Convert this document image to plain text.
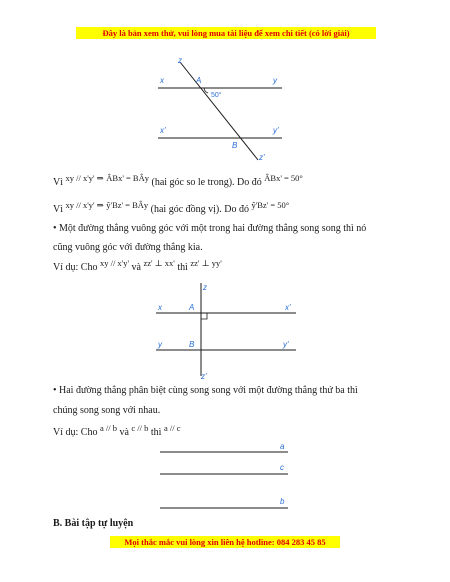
Đây là bản xem thử, vui lòng mua tài liệu để xem chi tiết (có lời giải)
z
x	A	y
50°
x'	y'
B
z'
Vì $^{xy // x'y' \Rightarrow}$ $^{ÂBx' = BÂy}$ (hai góc so le trong). Do đó $^{ÂBx' = 50^\circ}$
Vì $^{xy // x'y' \Rightarrow}$ $^{ŷ'Bz' = BÂy}$ (hai góc đồng vị). Do đó $^{ŷ'Bz' = 50^\circ}$
• Một đường thẳng vuông góc với một trong hai đường thẳng song song thì nó
cũng vuông góc với đường thẳng kia.
Ví dụ: Cho $^{xy // x'y'}$ và $^{zz' \perp xx'}$ thì $^{zz' \perp yy'}$
z
x	A	x'
y	B	y'
z'
• Hai đường thẳng phân biệt cùng song song với một đường thẳng thứ ba thì
chúng song song với nhau.
Ví dụ: Cho $^{a // b}$ và $^{c // b}$ thì $^{a // c}$
a
c
b
B. Bài tập tự luyện
Mọi thắc mắc vui lòng xin liên hệ hotline: 084 283 45 85
